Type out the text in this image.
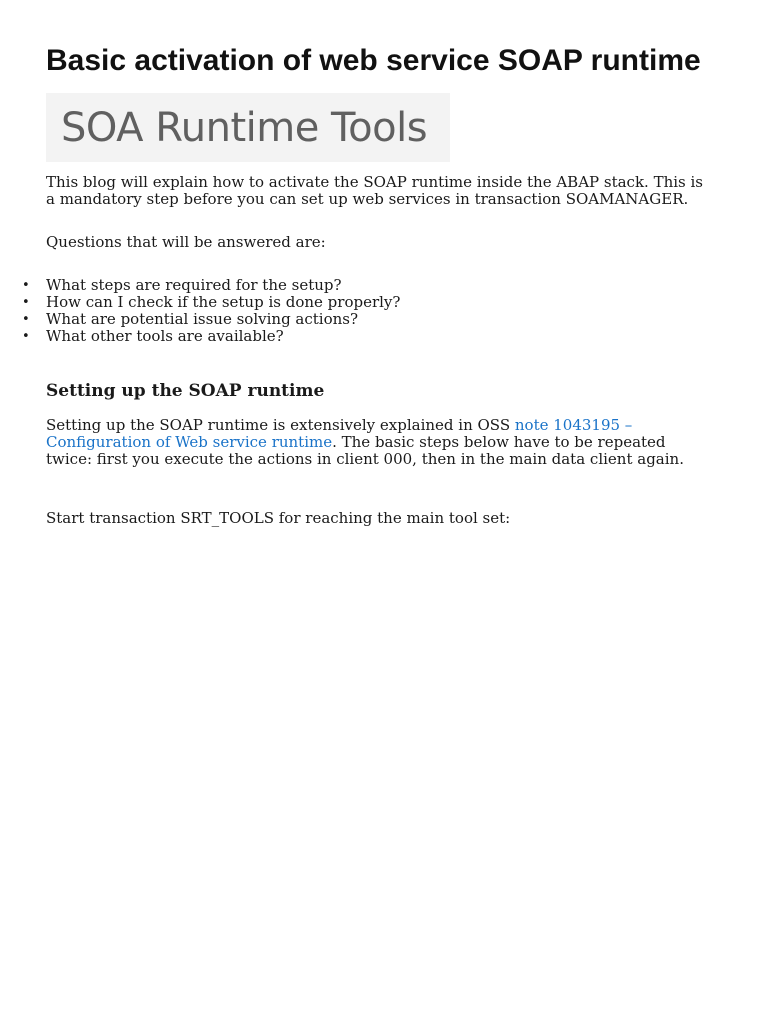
Basic activation of web service SOAP runtime
SOA Runtime Tools

This blog will explain how to activate the SOAP runtime inside the ABAP stack. This is a mandatory step before you can set up web services in transaction SOAMANAGER.

Questions that will be answered are:

• What steps are required for the setup?
• How can I check if the setup is done properly?
• What are potential issue solving actions?
• What other tools are available?
Setting up the SOAP runtime

Setting up the SOAP runtime is extensively explained in OSS note 1043195 – Configuration of Web service runtime. The basic steps below have to be repeated twice: first you execute the actions in client 000, then in the main data client again.

Start transaction SRT_TOOLS for reaching the main tool set:
